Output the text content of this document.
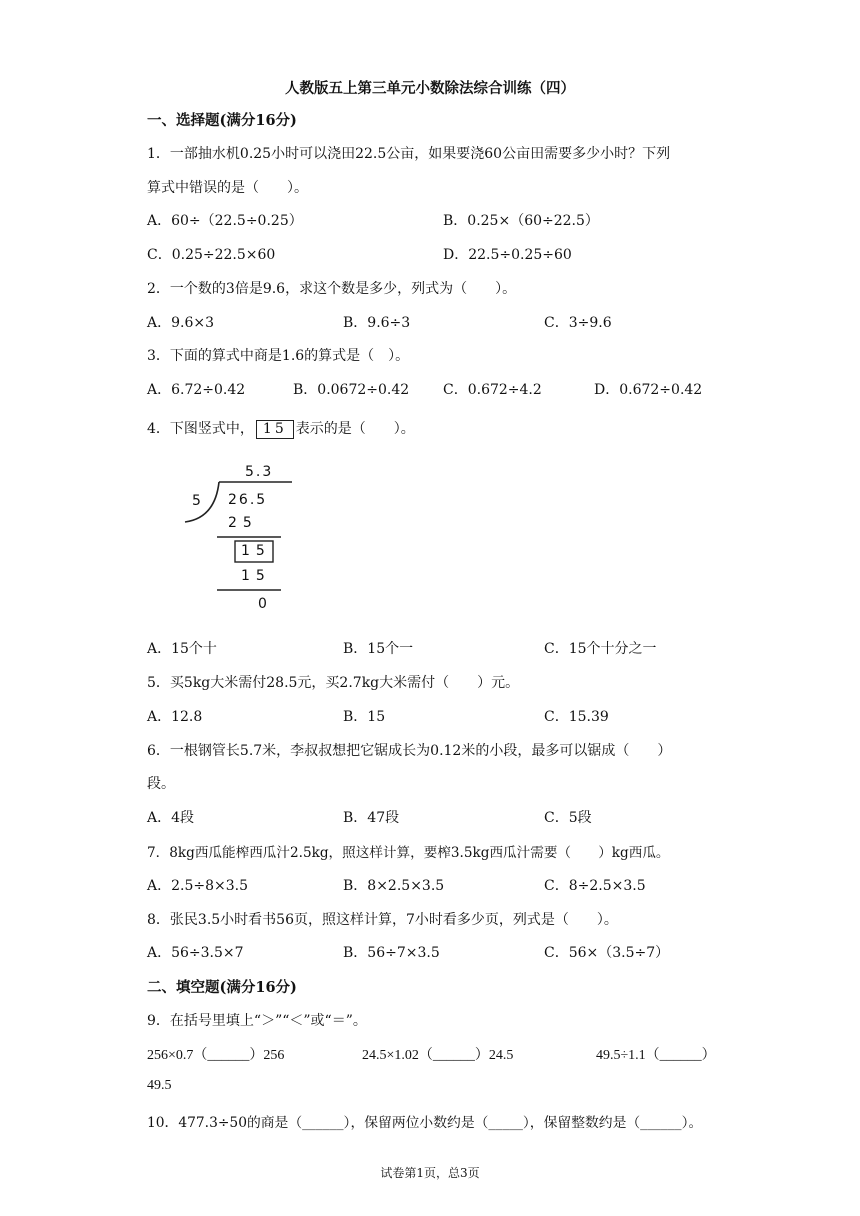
人教版五上第三单元小数除法综合训练（四）
一、选择题(满分16分)
1．一部抽水机0.25小时可以浇田22.5公亩，如果要浇60公亩田需要多少小时？下列
算式中错误的是（　　）。
A．60÷（22.5÷0.25）	B．0.25×（60÷22.5）
C．0.25÷22.5×60	D．22.5÷0.25÷60
2．一个数的3倍是9.6，求这个数是多少，列式为（　　）。
A．9.6×3	B．9.6÷3	C．3÷9.6
3．下面的算式中商是1.6的算式是（　）。
A．6.72÷0.42	B．0.0672÷0.42 C．0.672÷4.2	D．0.672÷0.42
4．下图竖式中， 15 表示的是（　　）。
5.3
5 26.5
25
15
15
0
A．15个十	B．15个一	C．15个十分之一
5．买5kg大米需付28.5元，买2.7kg大米需付（　　）元。
A．12.8	B．15	C．15.39
6．一根钢管长5.7米，李叔叔想把它锯成长为0.12米的小段，最多可以锯成（　　）
段。
A．4段	B．47段	C．5段
7．8kg西瓜能榨西瓜汁2.5kg，照这样计算，要榨3.5kg西瓜汁需要（　　）kg西瓜。
A．2.5÷8×3.5	B．8×2.5×3.5	C．8÷2.5×3.5
8．张民3.5小时看书56页，照这样计算，7小时看多少页，列式是（　　）。
A．56÷3.5×7	B．56÷7×3.5	C．56×（3.5÷7）
二、填空题(满分16分)
9．在括号里填上“＞”“＜”或“＝”。
256×0.7（______）256	24.5×1.02（______）24.5	49.5÷1.1（______）
49.5
10．477.3÷50的商是（______），保留两位小数约是（_____），保留整数约是（______）。
试卷第1页，总3页
